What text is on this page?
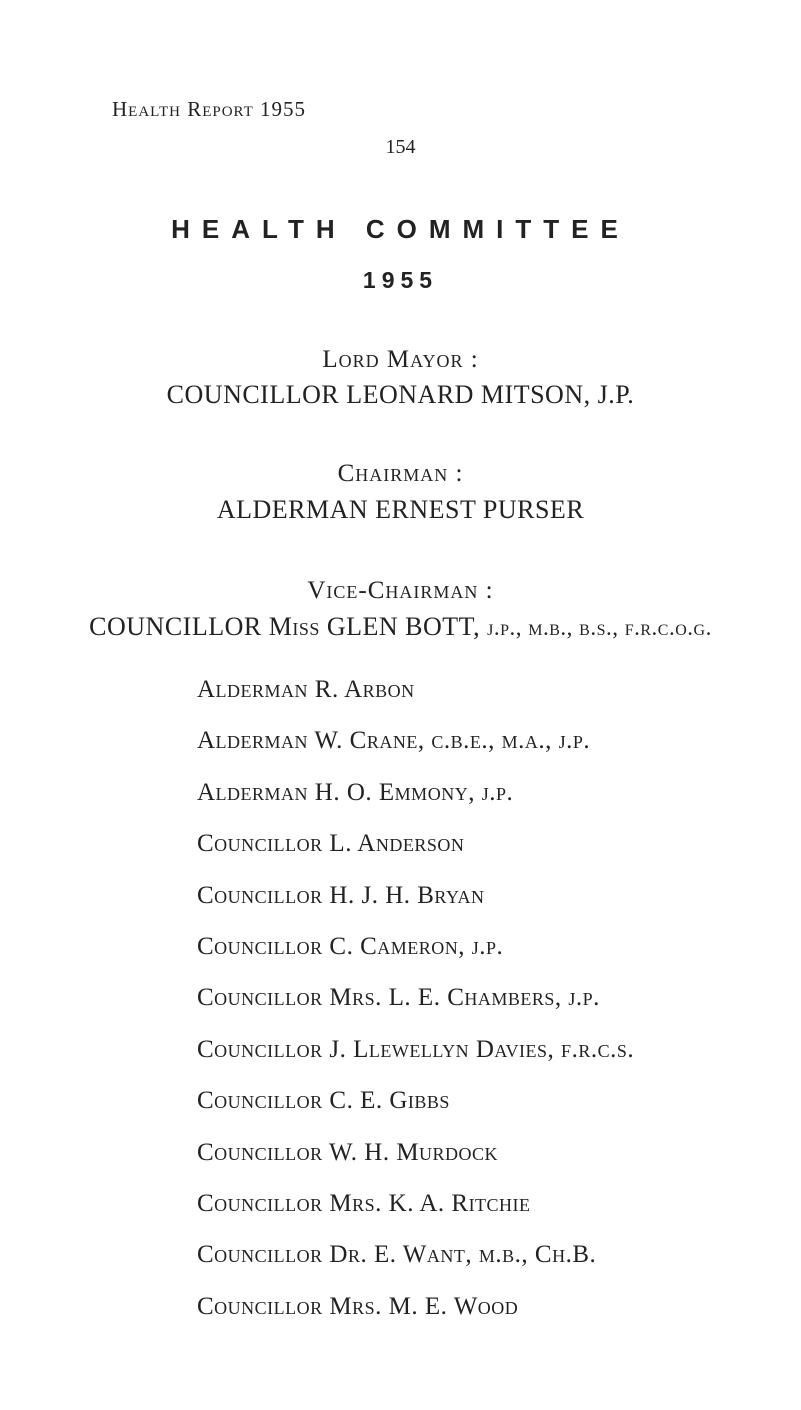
Health Report 1955
154
HEALTH COMMITTEE
1955
Lord Mayor :
COUNCILLOR LEONARD MITSON, J.P.
Chairman :
ALDERMAN ERNEST PURSER
Vice-Chairman :
COUNCILLOR Miss GLEN BOTT, j.p., m.b., b.s., f.r.c.o.g.
Alderman R. Arbon
Alderman W. Crane, c.b.e., m.a., j.p.
Alderman H. O. Emmony, j.p.
Councillor L. Anderson
Councillor H. J. H. Bryan
Councillor C. Cameron, j.p.
Councillor Mrs. L. E. Chambers, j.p.
Councillor J. Llewellyn Davies, f.r.c.s.
Councillor C. E. Gibbs
Councillor W. H. Murdock
Councillor Mrs. K. A. Ritchie
Councillor Dr. E. Want, m.b., Ch.B.
Councillor Mrs. M. E. Wood
